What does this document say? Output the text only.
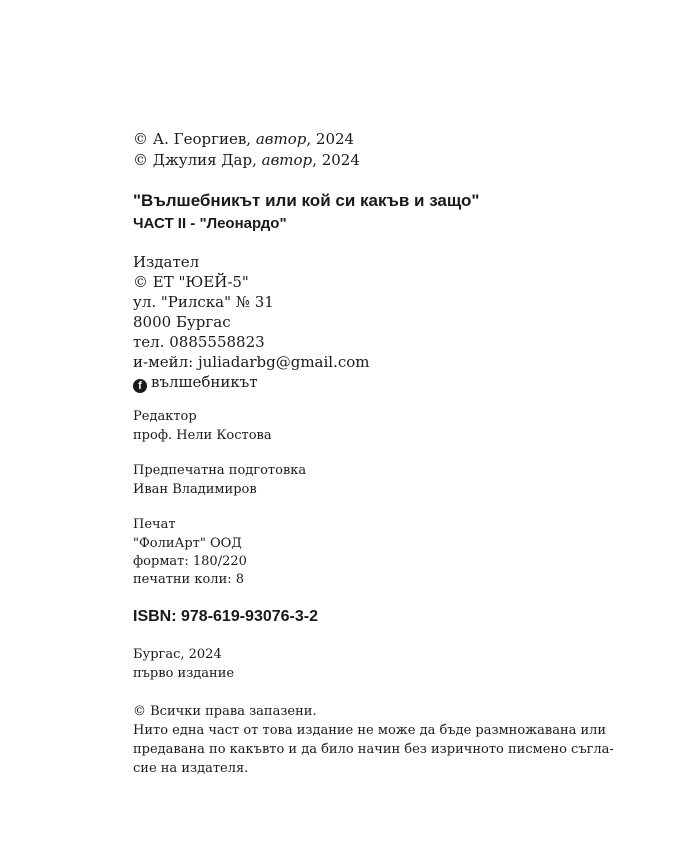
© А. Георгиев, автор, 2024
© Джулия Дар, автор, 2024
"Вълшебникът или кой си какъв и защо"
ЧАСТ II - "Леонардо"
Издател
© ЕТ "ЮЕЙ-5"
ул. "Рилска" № 31
8000 Бургас
тел. 0885558823
и-мейл: juliadarbg@gmail.com
f вълшебникът
Редактор
проф. Нели Костова
Предпечатна подготовка
Иван Владимиров
Печат
"ФолиАрт" ООД
формат: 180/220
печатни коли: 8
ISBN: 978-619-93076-3-2
Бургас, 2024
първо издание
© Всички права запазени.
Нито една част от това издание не може да бъде размножавана или
предавана по какъвто и да било начин без изричното писмено съгла-
сие на издателя.
